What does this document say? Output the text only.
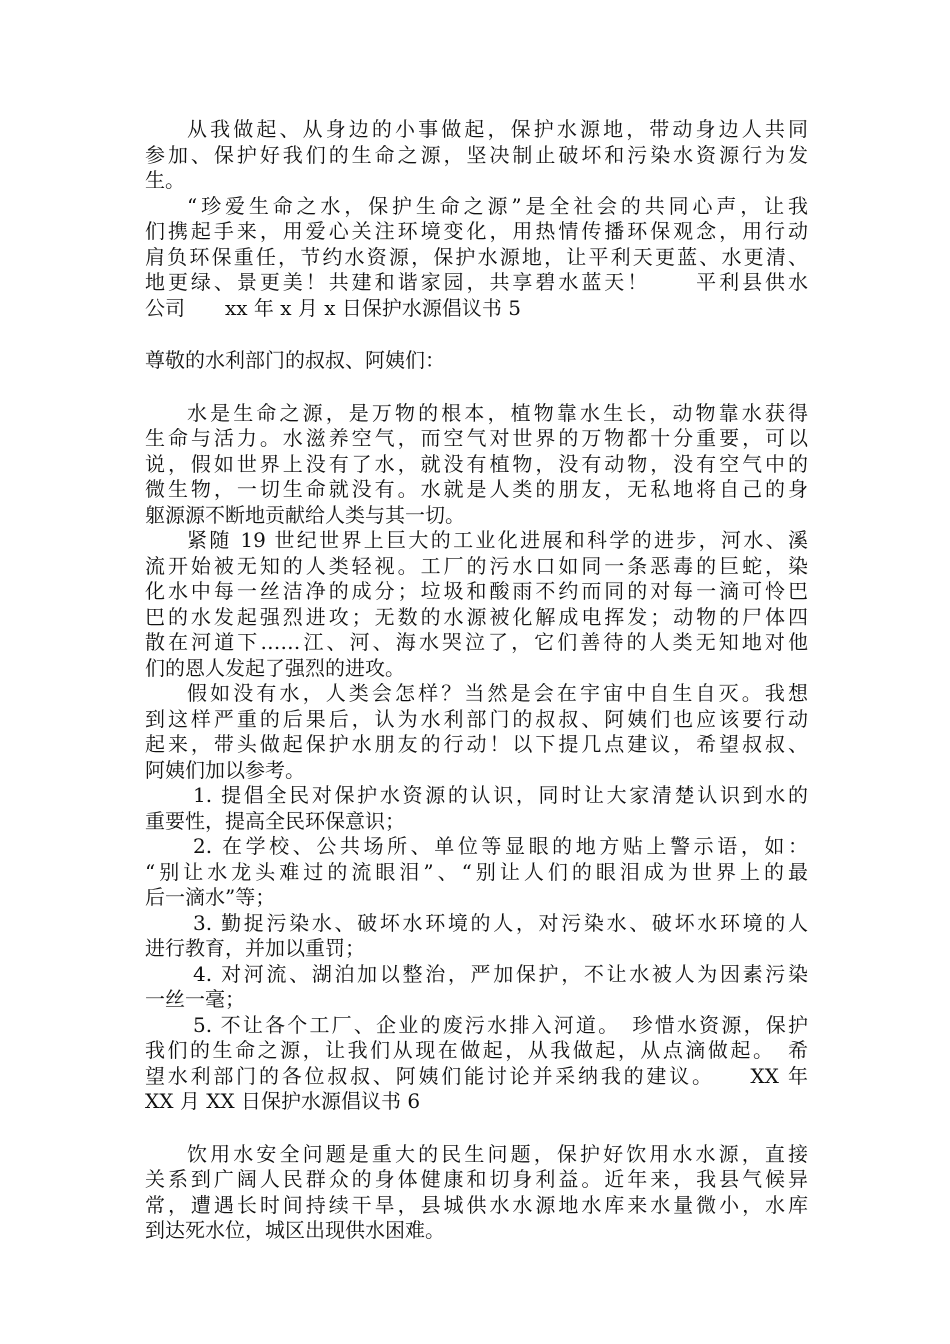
从我做起、从身边的小事做起，保护水源地，带动身边人共同
参加、保护好我们的生命之源，坚决制止破坏和污染水资源行为发
生。
“珍爱生命之水，保护生命之源”是全社会的共同心声，让我
们携起手来，用爱心关注环境变化，用热情传播环保观念，用行动
肩负环保重任，节约水资源，保护水源地，让平利天更蓝、水更清、
地更绿、景更美！共建和谐家园，共享碧水蓝天！　　平利县供水
公司　　xx 年 x 月 x 日保护水源倡议书 5
尊敬的水利部门的叔叔、阿姨们：
水是生命之源，是万物的根本，植物靠水生长，动物靠水获得
生命与活力。水滋养空气，而空气对世界的万物都十分重要，可以
说，假如世界上没有了水，就没有植物，没有动物，没有空气中的
微生物，一切生命就没有。水就是人类的朋友，无私地将自己的身
躯源源不断地贡献给人类与其一切。
紧随 19 世纪世界上巨大的工业化进展和科学的进步，河水、溪
流开始被无知的人类轻视。工厂的污水口如同一条恶毒的巨蛇，染
化水中每一丝洁净的成分；垃圾和酸雨不约而同的对每一滴可怜巴
巴的水发起强烈进攻；无数的水源被化解成电挥发；动物的尸体四
散在河道下……江、河、海水哭泣了，它们善待的人类无知地对他
们的恩人发起了强烈的进攻。
假如没有水，人类会怎样？当然是会在宇宙中自生自灭。我想
到这样严重的后果后，认为水利部门的叔叔、阿姨们也应该要行动
起来，带头做起保护水朋友的行动！以下提几点建议，希望叔叔、
阿姨们加以参考。
1. 提倡全民对保护水资源的认识，同时让大家清楚认识到水的
重要性，提高全民环保意识；
2. 在学校、公共场所、单位等显眼的地方贴上警示语，如：
“别让水龙头难过的流眼泪”、“别让人们的眼泪成为世界上的最
后一滴水”等；
3. 勤捉污染水、破坏水环境的人，对污染水、破坏水环境的人
进行教育，并加以重罚；
4. 对河流、湖泊加以整治，严加保护，不让水被人为因素污染
一丝一毫；
5. 不让各个工厂、企业的废污水排入河道。　珍惜水资源，保护
我们的生命之源，让我们从现在做起，从我做起，从点滴做起。　希
望水利部门的各位叔叔、阿姨们能讨论并采纳我的建议。　　XX 年
XX 月 XX 日保护水源倡议书 6
饮用水安全问题是重大的民生问题，保护好饮用水水源，直接
关系到广阔人民群众的身体健康和切身利益。近年来，我县气候异
常，遭遇长时间持续干旱，县城供水水源地水库来水量微小，水库
到达死水位，城区出现供水困难。
